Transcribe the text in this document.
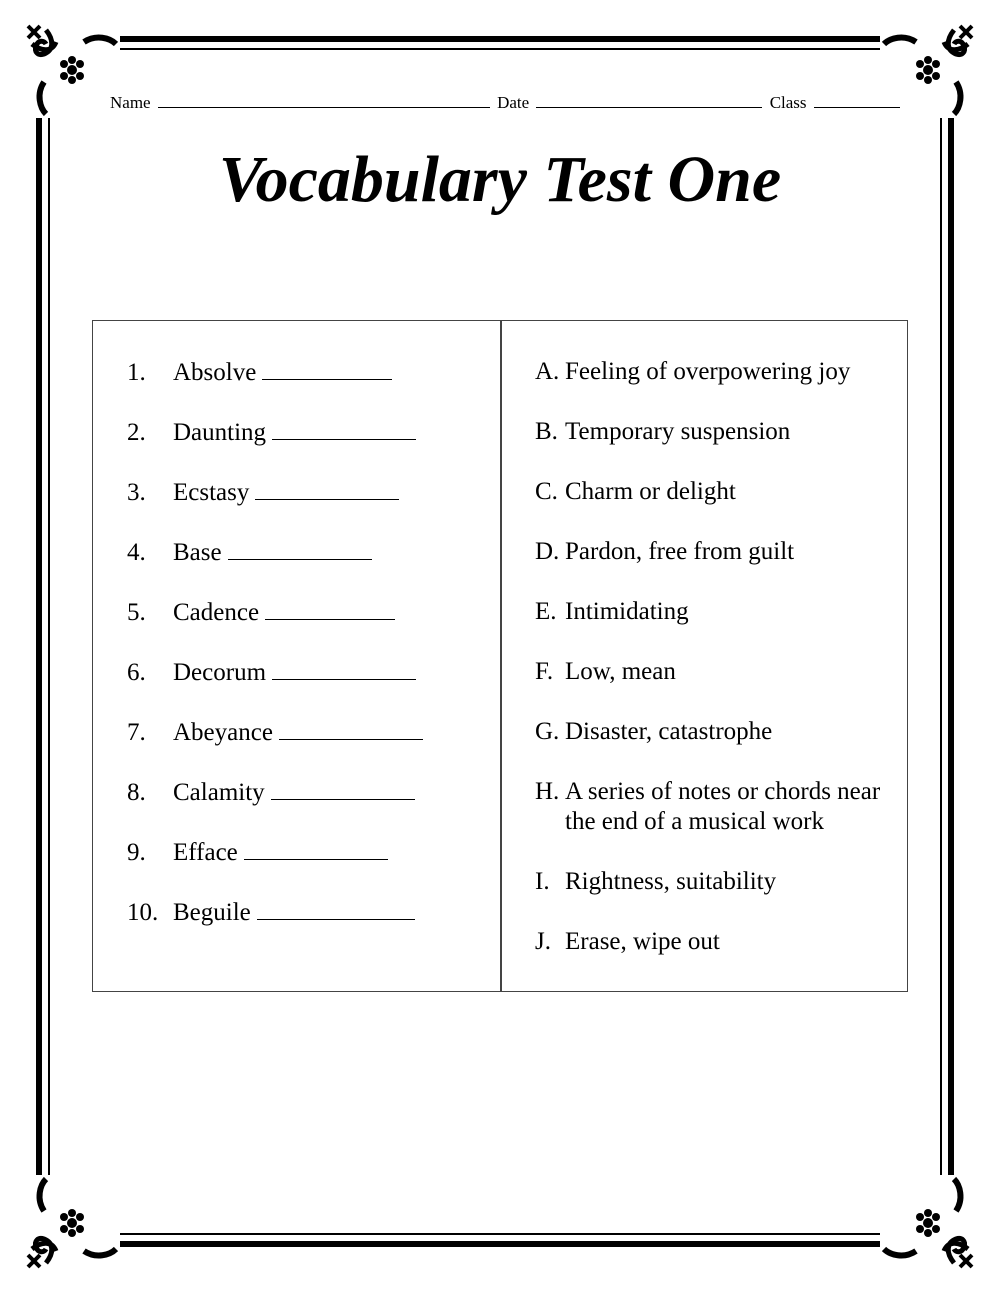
Name	Date	Class
Vocabulary Test One
1. Absolve
2. Daunting
3. Ecstasy
4. Base
5. Cadence
6. Decorum
7. Abeyance
8. Calamity
9. Efface
10. Beguile
A. Feeling of overpowering joy
B. Temporary suspension
C. Charm or delight
D. Pardon, free from guilt
E. Intimidating
F. Low, mean
G. Disaster, catastrophe
H. A series of notes or chords near
the end of a musical work
I. Rightness, suitability
J. Erase, wipe out
